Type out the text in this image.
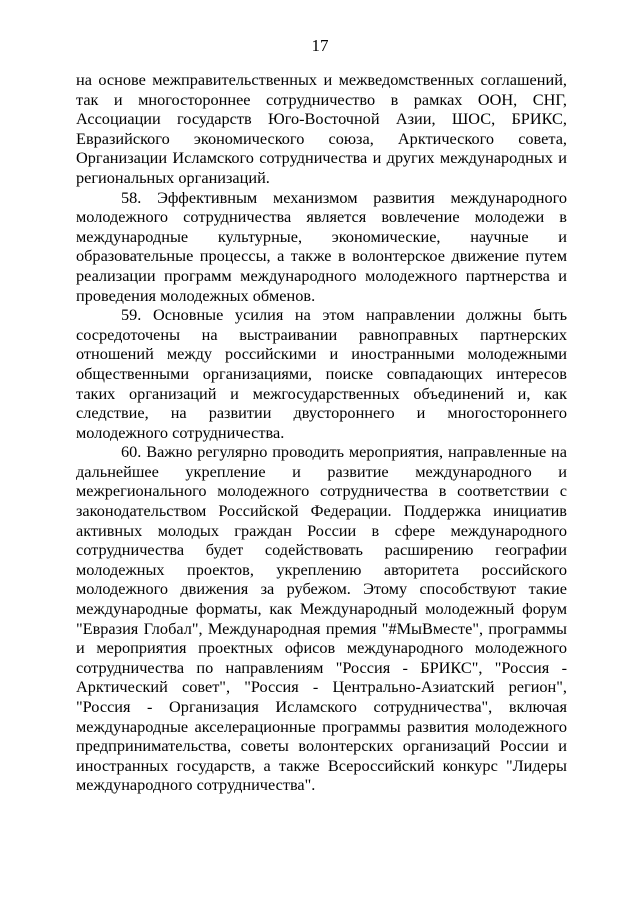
17

на основе межправительственных и межведомственных соглашений, так и многостороннее сотрудничество в рамках ООН, СНГ, Ассоциации государств Юго-Восточной Азии, ШОС, БРИКС, Евразийского экономического союза, Арктического совета, Организации Исламского сотрудничества и других международных и региональных организаций.

58. Эффективным механизмом развития международного молодежного сотрудничества является вовлечение молодежи в международные культурные, экономические, научные и образовательные процессы, а также в волонтерское движение путем реализации программ международного молодежного партнерства и проведения молодежных обменов.

59. Основные усилия на этом направлении должны быть сосредоточены на выстраивании равноправных партнерских отношений между российскими и иностранными молодежными общественными организациями, поиске совпадающих интересов таких организаций и межгосударственных объединений и, как следствие, на развитии двустороннего и многостороннего молодежного сотрудничества.

60. Важно регулярно проводить мероприятия, направленные на дальнейшее укрепление и развитие международного и межрегионального молодежного сотрудничества в соответствии с законодательством Российской Федерации. Поддержка инициатив активных молодых граждан России в сфере международного сотрудничества будет содействовать расширению географии молодежных проектов, укреплению авторитета российского молодежного движения за рубежом. Этому способствуют такие международные форматы, как Международный молодежный форум "Евразия Глобал", Международная премия "#МыВместе", программы и мероприятия проектных офисов международного молодежного сотрудничества по направлениям "Россия - БРИКС", "Россия - Арктический совет", "Россия - Центрально-Азиатский регион", "Россия - Организация Исламского сотрудничества", включая международные акселерационные программы развития молодежного предпринимательства, советы волонтерских организаций России и иностранных государств, а также Всероссийский конкурс "Лидеры международного сотрудничества".
